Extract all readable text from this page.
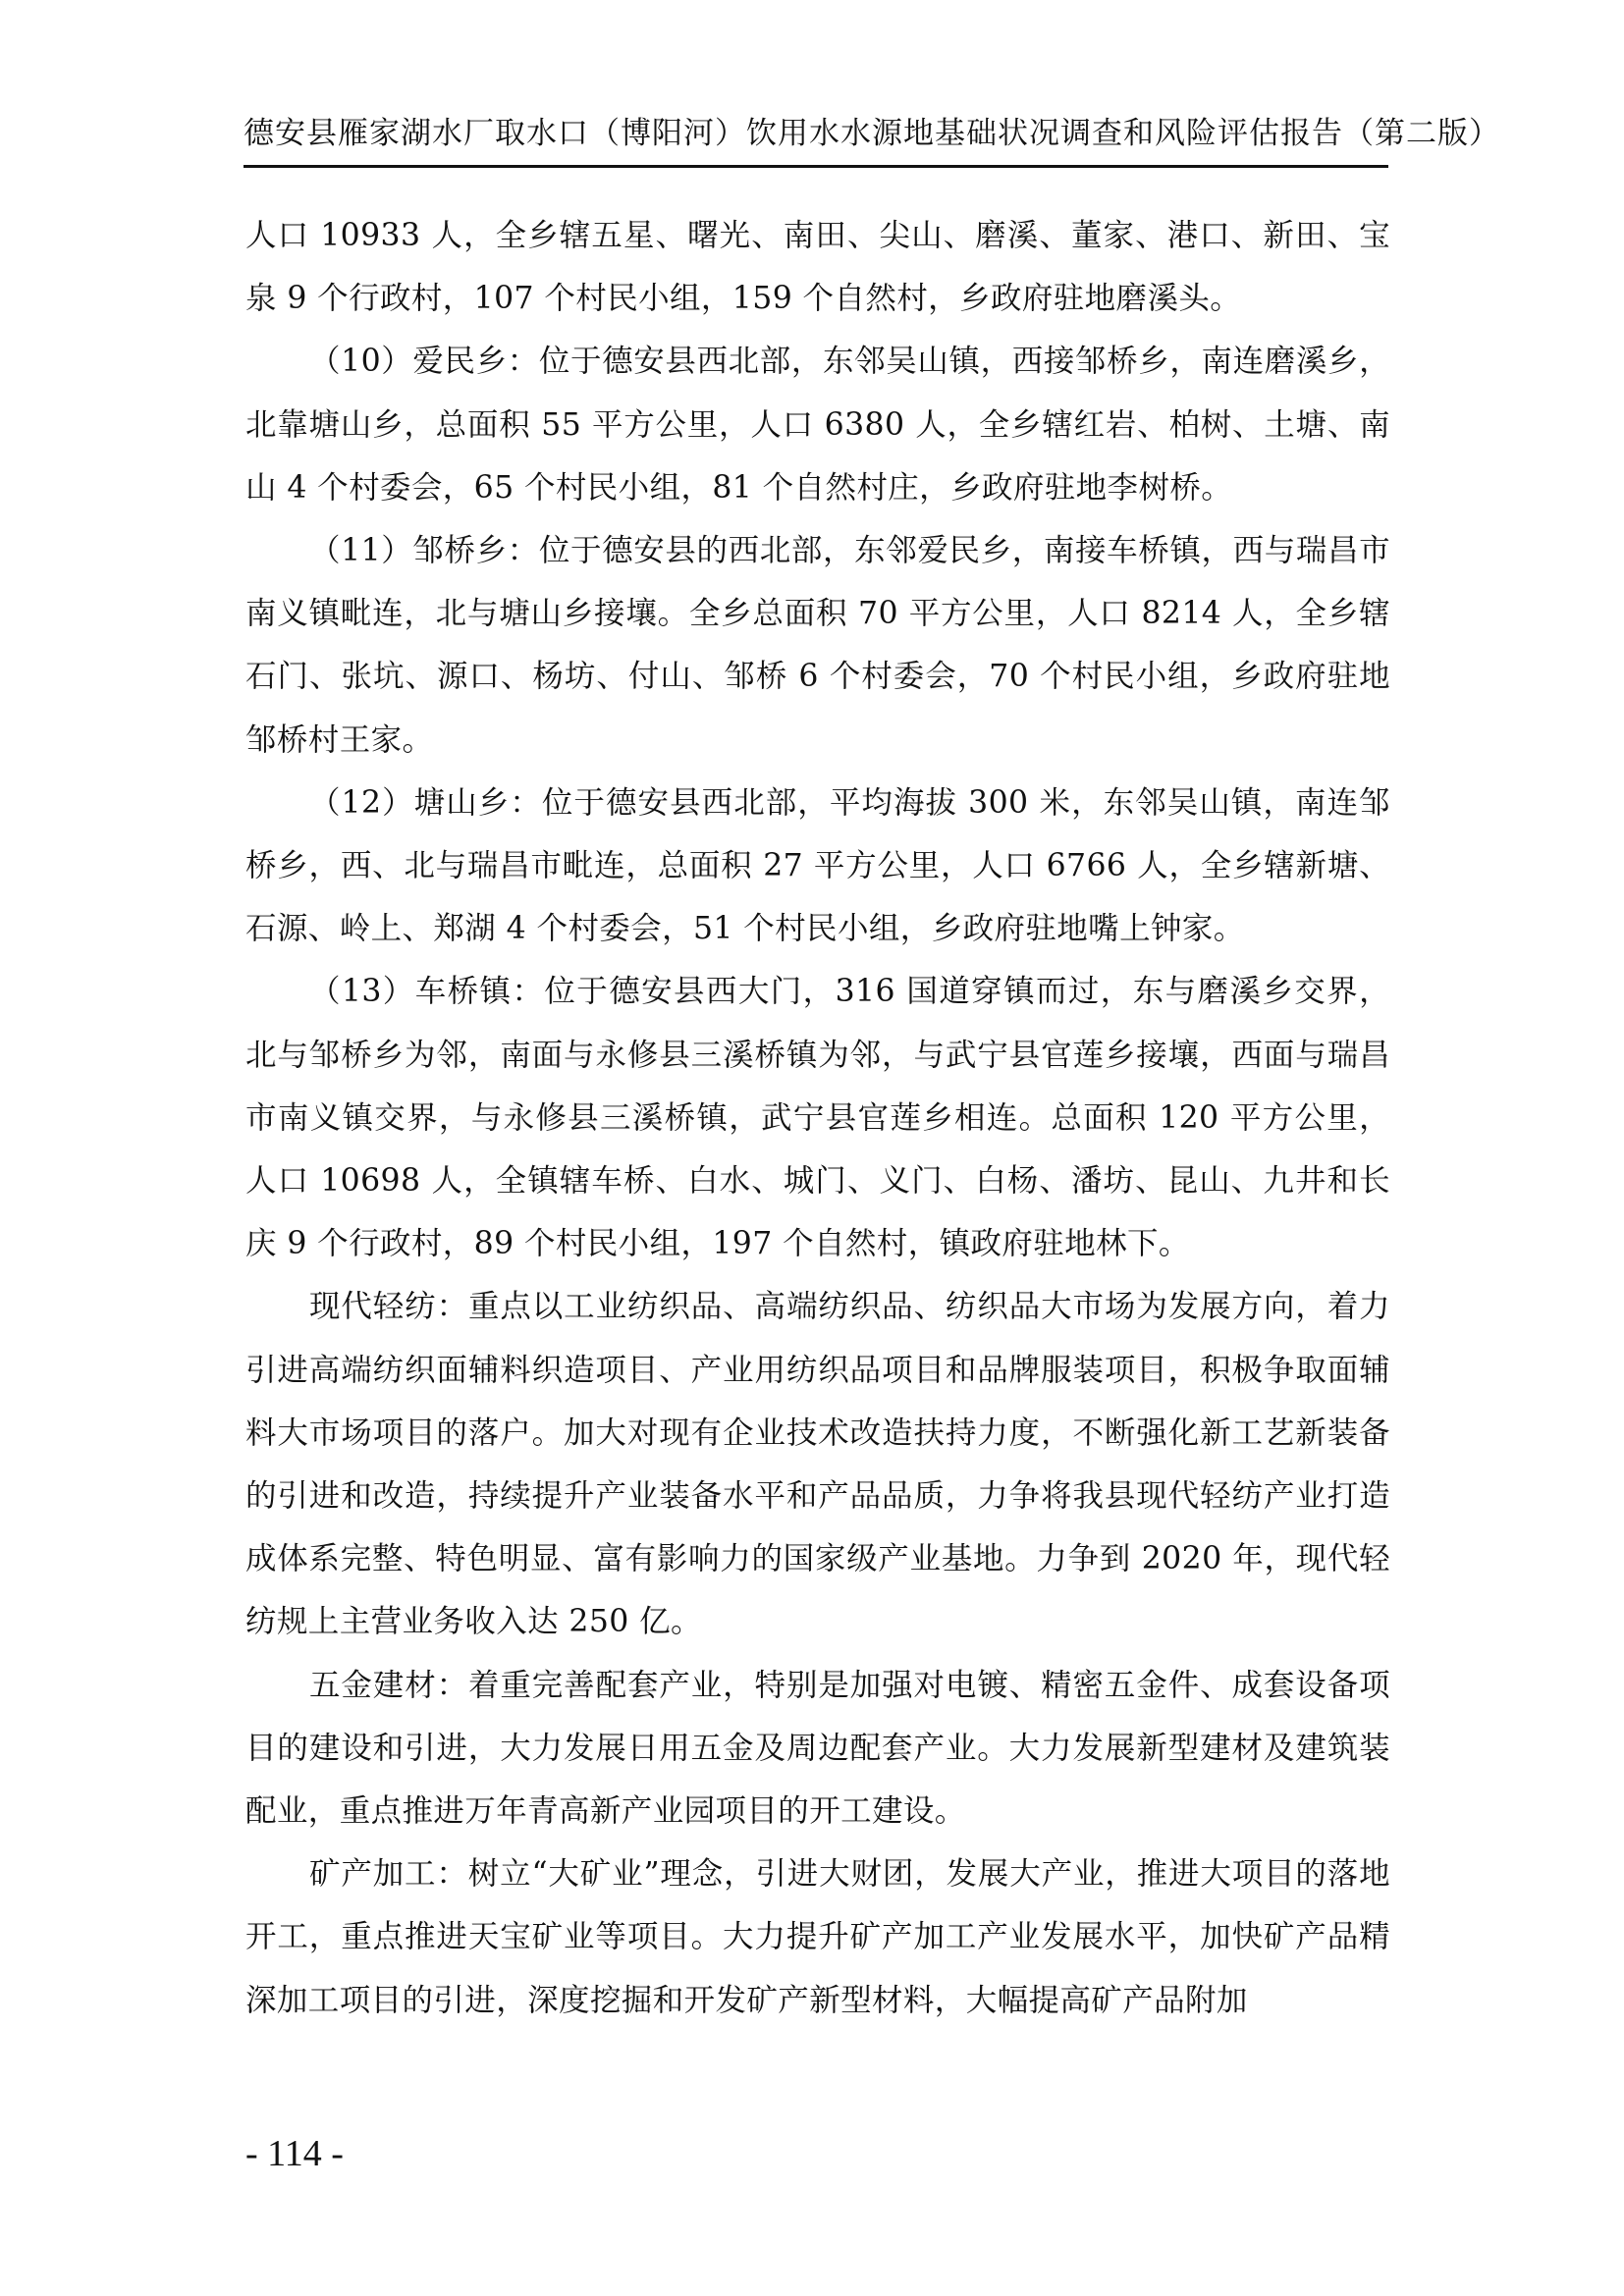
德安县雁家湖水厂取水口（博阳河）饮用水水源地基础状况调查和风险评估报告（第二版）

人口 10933 人，全乡辖五星、曙光、南田、尖山、磨溪、董家、港口、新田、宝泉 9 个行政村，107 个村民小组，159 个自然村，乡政府驻地磨溪头。

（10）爱民乡：位于德安县西北部，东邻吴山镇，西接邹桥乡，南连磨溪乡，北靠塘山乡，总面积 55 平方公里，人口 6380 人，全乡辖红岩、柏树、土塘、南山 4 个村委会，65 个村民小组，81 个自然村庄，乡政府驻地李树桥。

（11）邹桥乡：位于德安县的西北部，东邻爱民乡，南接车桥镇，西与瑞昌市南义镇毗连，北与塘山乡接壤。全乡总面积 70 平方公里，人口 8214 人，全乡辖石门、张坑、源口、杨坊、付山、邹桥 6 个村委会，70 个村民小组，乡政府驻地邹桥村王家。

（12）塘山乡：位于德安县西北部，平均海拔 300 米，东邻吴山镇，南连邹桥乡，西、北与瑞昌市毗连，总面积 27 平方公里，人口 6766 人，全乡辖新塘、石源、岭上、郑湖 4 个村委会，51 个村民小组，乡政府驻地嘴上钟家。

（13）车桥镇：位于德安县西大门，316 国道穿镇而过，东与磨溪乡交界，北与邹桥乡为邻，南面与永修县三溪桥镇为邻，与武宁县官莲乡接壤，西面与瑞昌市南义镇交界，与永修县三溪桥镇，武宁县官莲乡相连。总面积 120 平方公里，人口 10698 人，全镇辖车桥、白水、城门、义门、白杨、潘坊、昆山、九井和长庆 9 个行政村，89 个村民小组，197 个自然村，镇政府驻地林下。

现代轻纺：重点以工业纺织品、高端纺织品、纺织品大市场为发展方向，着力引进高端纺织面辅料织造项目、产业用纺织品项目和品牌服装项目，积极争取面辅料大市场项目的落户。加大对现有企业技术改造扶持力度，不断强化新工艺新装备的引进和改造，持续提升产业装备水平和产品品质，力争将我县现代轻纺产业打造成体系完整、特色明显、富有影响力的国家级产业基地。力争到 2020 年，现代轻纺规上主营业务收入达 250 亿。

五金建材：着重完善配套产业，特别是加强对电镀、精密五金件、成套设备项目的建设和引进，大力发展日用五金及周边配套产业。大力发展新型建材及建筑装配业，重点推进万年青高新产业园项目的开工建设。

矿产加工：树立“大矿业”理念，引进大财团，发展大产业，推进大项目的落地开工，重点推进天宝矿业等项目。大力提升矿产加工产业发展水平，加快矿产品精深加工项目的引进，深度挖掘和开发矿产新型材料，大幅提高矿产品附加

- 114 -
